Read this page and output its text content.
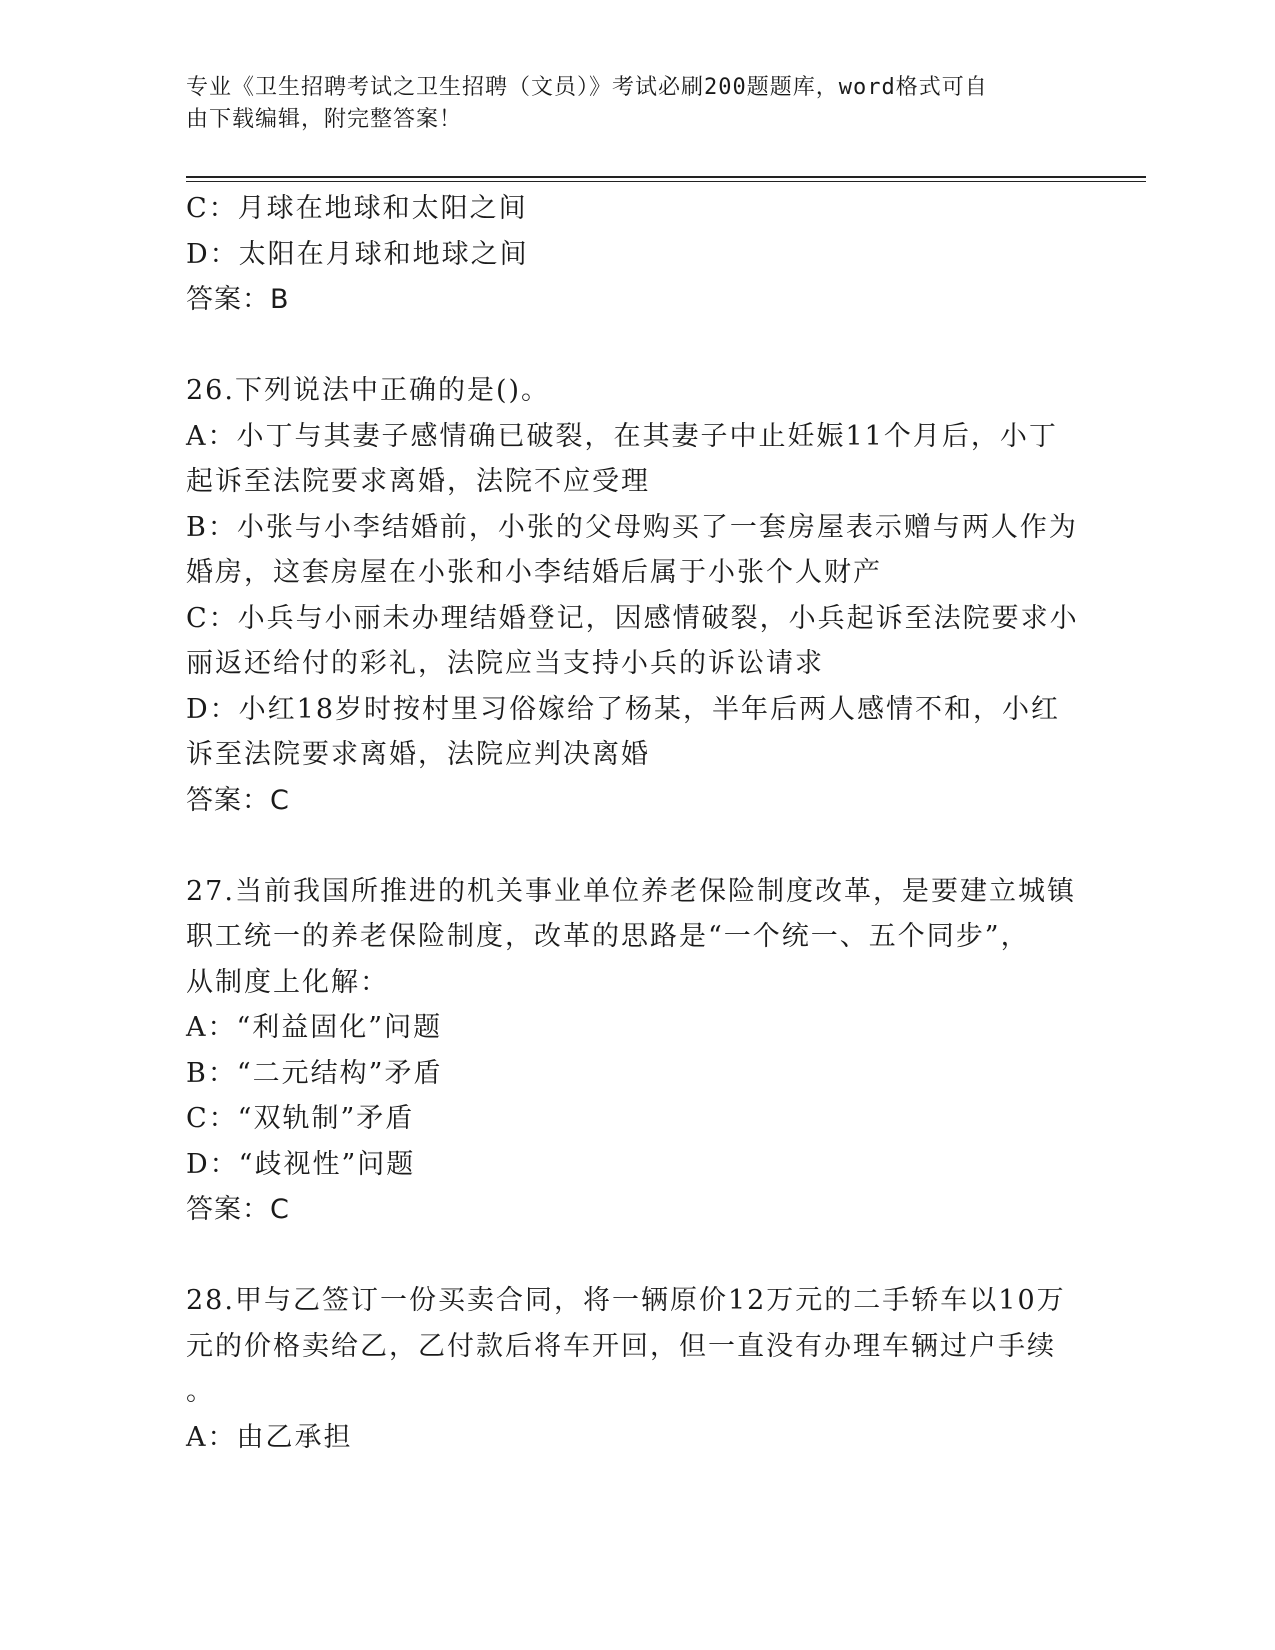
专业《卫生招聘考试之卫生招聘（文员）》考试必刷200题题库，word格式可自
由下载编辑，附完整答案！
C：月球在地球和太阳之间
D：太阳在月球和地球之间
答案：B
26.下列说法中正确的是()。
A：小丁与其妻子感情确已破裂，在其妻子中止妊娠11个月后，小丁
起诉至法院要求离婚，法院不应受理
B：小张与小李结婚前，小张的父母购买了一套房屋表示赠与两人作为
婚房，这套房屋在小张和小李结婚后属于小张个人财产
C：小兵与小丽未办理结婚登记，因感情破裂，小兵起诉至法院要求小
丽返还给付的彩礼，法院应当支持小兵的诉讼请求
D：小红18岁时按村里习俗嫁给了杨某，半年后两人感情不和，小红
诉至法院要求离婚，法院应判决离婚
答案：C
27.当前我国所推进的机关事业单位养老保险制度改革，是要建立城镇
职工统一的养老保险制度，改革的思路是“一个统一、五个同步”，
从制度上化解：
A：“利益固化”问题
B：“二元结构”矛盾
C：“双轨制”矛盾
D：“歧视性”问题
答案：C
28.甲与乙签订一份买卖合同，将一辆原价12万元的二手轿车以10万
元的价格卖给乙，乙付款后将车开回，但一直没有办理车辆过户手续
。
A：由乙承担
